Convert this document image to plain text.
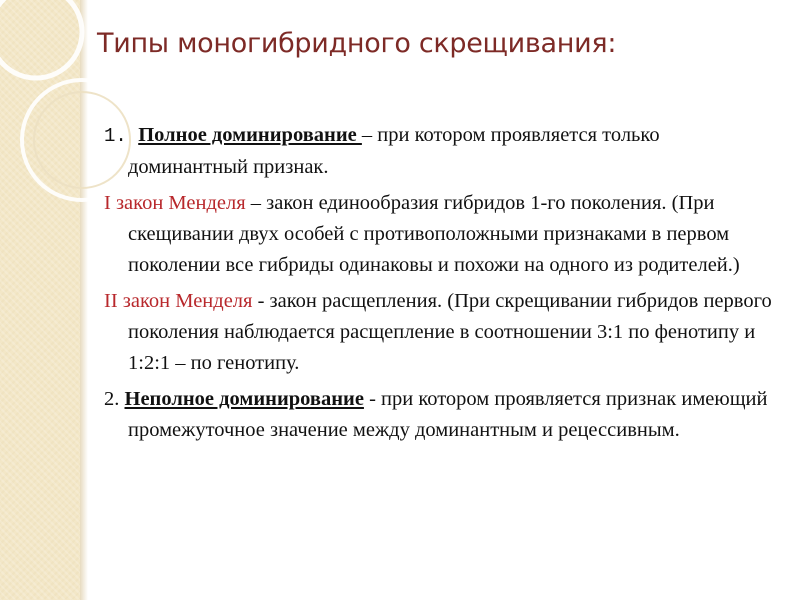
Типы моногибридного скрещивания:

1. Полное доминирование – при котором проявляется только доминантный признак.

I закон Менделя – закон единообразия гибридов 1-го поколения. (При скещивании двух особей с противоположными признаками в первом поколении все гибриды одинаковы и похожи на одного из родителей.)

II закон Менделя - закон расщепления. (При скрещивании гибридов первого поколения наблюдается расщепление в соотношении 3:1 по фенотипу и 1:2:1 – по генотипу.

2. Неполное доминирование - при котором проявляется признак имеющий промежуточное значение между доминантным и рецессивным.
